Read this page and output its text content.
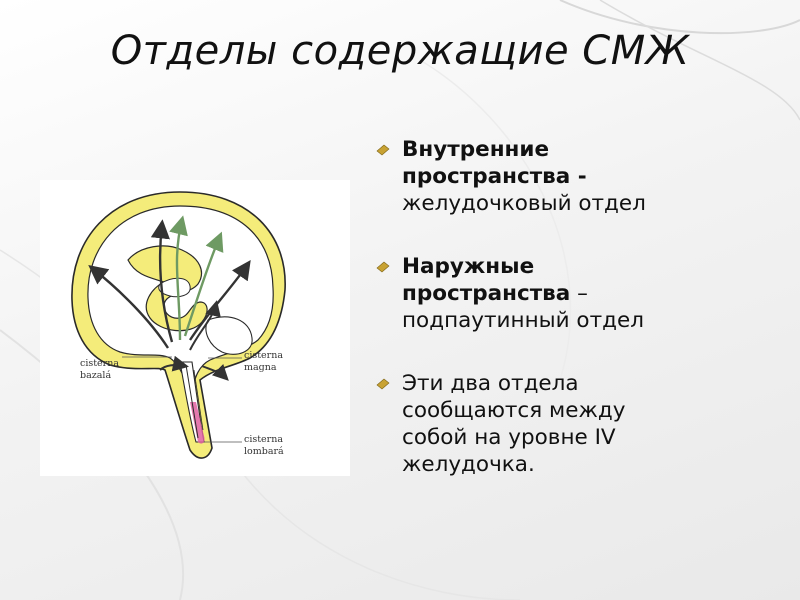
Отделы содержащие СМЖ
cisterna
bazalá
cisterna
magna
cisterna
lombará
Внутренние
пространства -
желудочковый отдел
Наружные
пространства –
подпаутинный отдел
Эти два отдела
сообщаются между
собой на уровне IV
желудочка.
